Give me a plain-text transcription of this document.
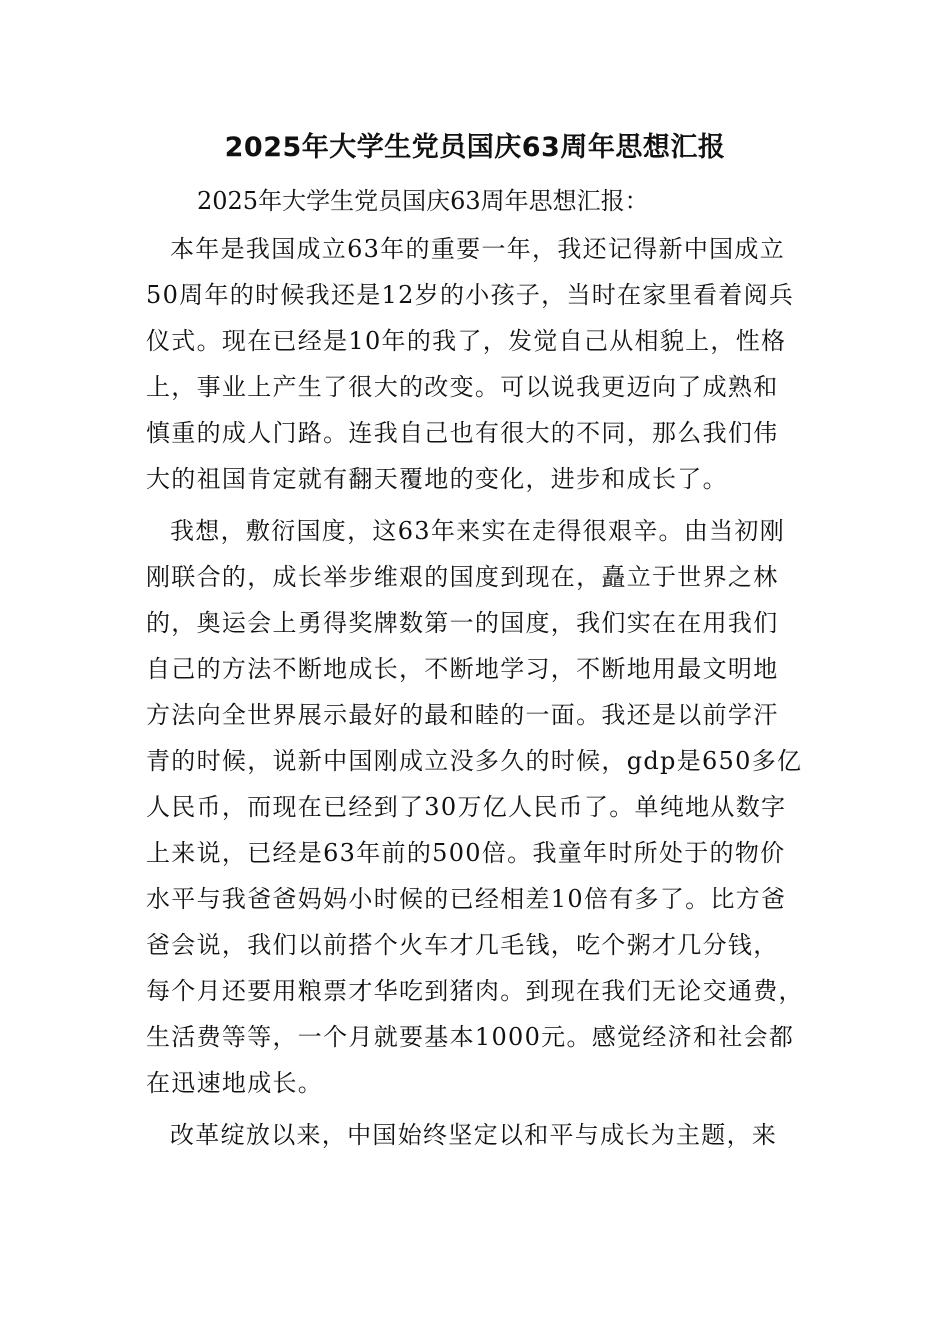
2025年大学生党员国庆63周年思想汇报
2025年大学生党员国庆63周年思想汇报：
本年是我国成立63年的重要一年，我还记得新中国成立
50周年的时候我还是12岁的小孩子，当时在家里看着阅兵
仪式。现在已经是10年的我了，发觉自己从相貌上，性格
上，事业上产生了很大的改变。可以说我更迈向了成熟和
慎重的成人门路。连我自己也有很大的不同，那么我们伟
大的祖国肯定就有翻天覆地的变化，进步和成长了。
我想，敷衍国度，这63年来实在走得很艰辛。由当初刚
刚联合的，成长举步维艰的国度到现在，矗立于世界之林
的，奥运会上勇得奖牌数第一的国度，我们实在在用我们
自己的方法不断地成长，不断地学习，不断地用最文明地
方法向全世界展示最好的最和睦的一面。我还是以前学汗
青的时候，说新中国刚成立没多久的时候，gdp是650多亿
人民币，而现在已经到了30万亿人民币了。单纯地从数字
上来说，已经是63年前的500倍。我童年时所处于的物价
水平与我爸爸妈妈小时候的已经相差10倍有多了。比方爸
爸会说，我们以前搭个火车才几毛钱，吃个粥才几分钱，
每个月还要用粮票才华吃到猪肉。到现在我们无论交通费，
生活费等等，一个月就要基本1000元。感觉经济和社会都
在迅速地成长。
改革绽放以来，中国始终坚定以和平与成长为主题，来
